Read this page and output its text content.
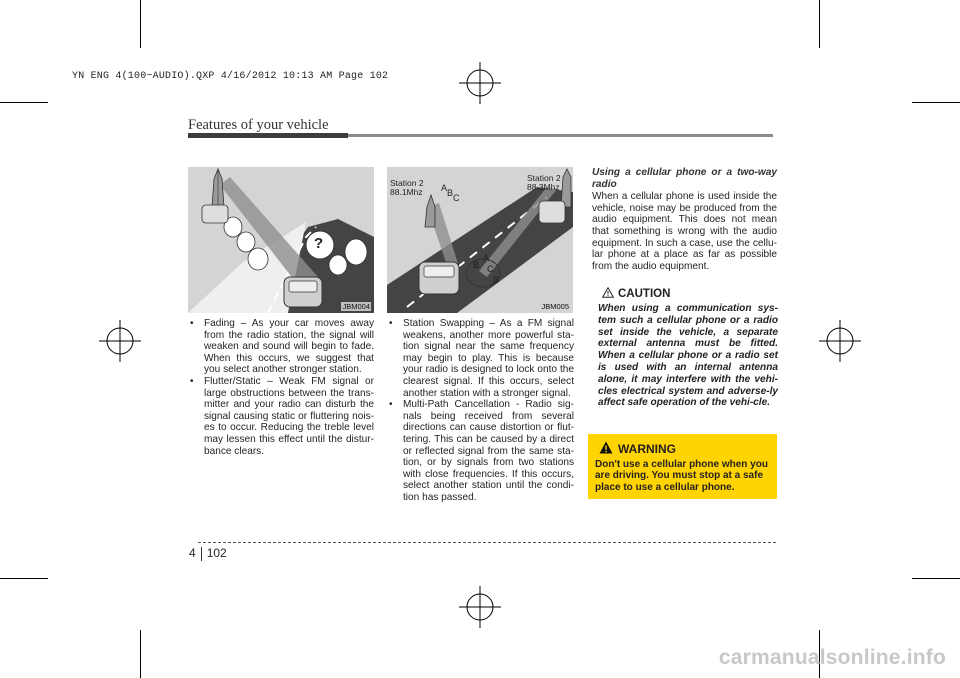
YN ENG 4(100~AUDIO).QXP 4/16/2012 10:13 AM Page 102
Features of your vehicle
?
JBM004
Station 2
88.1Mhz
Station 2
88.3Mhz
A B C
A
B C
B
JBM005
• Fading – As your car moves away from the radio station, the signal will weaken and sound will begin to fade. When this occurs, we suggest that you select another stronger station.
• Flutter/Static – Weak FM signal or large obstructions between the trans-mitter and your radio can disturb the signal causing static or fluttering nois-es to occur. Reducing the treble level may lessen this effect until the distur-bance clears.
• Station Swapping – As a FM signal weakens, another more powerful sta-tion signal near the same frequency may begin to play. This is because your radio is designed to lock onto the clearest signal. If this occurs, select another station with a stronger signal.
• Multi-Path Cancellation - Radio sig-nals being received from several directions can cause distortion or flut-tering. This can be caused by a direct or reflected signal from the same sta-tion, or by signals from two stations with close frequencies. If this occurs, select another station until the condi-tion has passed.
Using a cellular phone or a two-way radio
When a cellular phone is used inside the vehicle, noise may be produced from the audio equipment. This does not mean that something is wrong with the audio equipment. In such a case, use the cellu-lar phone at a place as far as possible from the audio equipment.
CAUTION
When using a communication sys-tem such a cellular phone or a radio set inside the vehicle, a separate external antenna must be fitted. When a cellular phone or a radio set is used with an internal antenna alone, it may interfere with the vehi-cles electrical system and adverse-ly affect safe operation of the vehi-cle.
WARNING
Don't use a cellular phone when you are driving. You must stop at a safe place to use a cellular phone.
4 102
carmanualsonline.info
